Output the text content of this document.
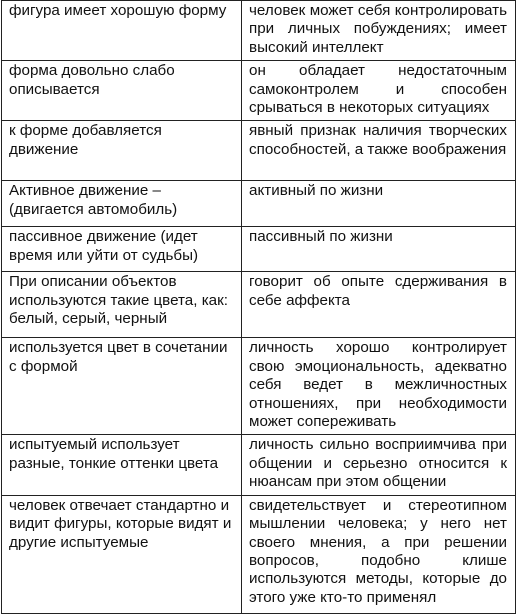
фигура имеет хорошую форму	человек может себя контролировать при личных побуждениях; имеет высокий интеллект
форма довольно слабо описывается	он обладает недостаточным самоконтролем и способен срываться в некоторых ситуациях
к форме добавляется движение	явный признак наличия творческих способностей, а также воображения
Активное движение – (двигается автомобиль)	активный по жизни
пассивное движение (идет время или уйти от судьбы)	пассивный по жизни
При описании объектов используются такие цвета, как: белый, серый, черный	говорит об опыте сдерживания в себе аффекта
используется цвет в сочетании с формой	личность хорошо контролирует свою эмоциональность, адекватно себя ведет в межличностных отношениях, при необходимости может сопереживать
испытуемый использует разные, тонкие оттенки цвета	личность сильно восприимчива при общении и серьезно относится к нюансам при этом общении
человек отвечает стандартно и видит фигуры, которые видят и другие испытуемые	свидетельствует и стереотипном мышлении человека; у него нет своего мнения, а при решении вопросов, подобно клише используются методы, которые до этого уже кто-то применял
